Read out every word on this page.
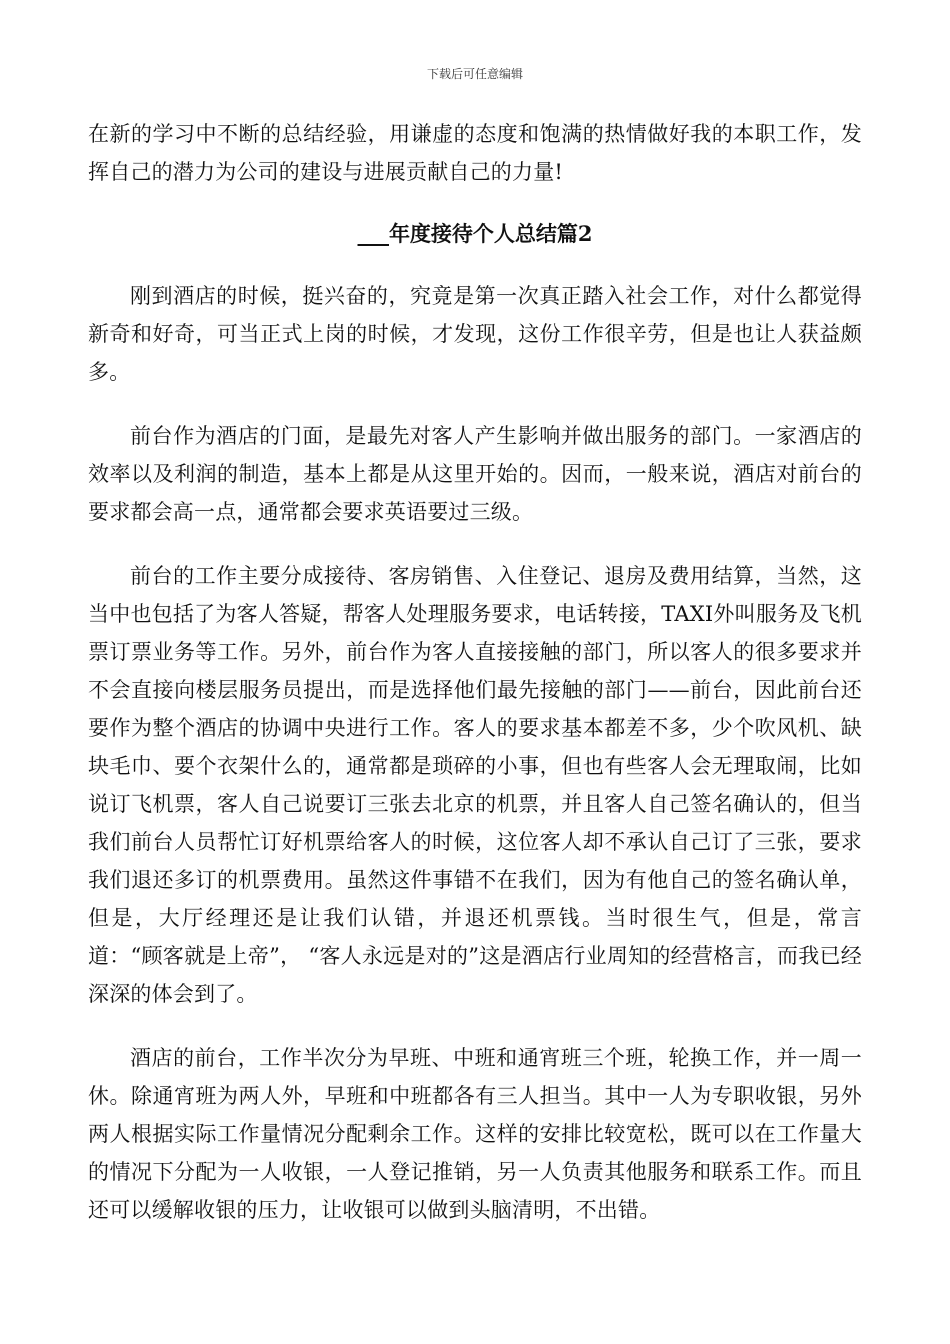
下载后可任意编辑

在新的学习中不断的总结经验，用谦虚的态度和饱满的热情做好我的本职工作，发挥自己的潜力为公司的建设与进展贡献自己的力量!

___年度接待个人总结篇2

刚到酒店的时候，挺兴奋的，究竟是第一次真正踏入社会工作，对什么都觉得新奇和好奇，可当正式上岗的时候，才发现，这份工作很辛劳，但是也让人获益颇多。

前台作为酒店的门面，是最先对客人产生影响并做出服务的部门。一家酒店的效率以及利润的制造，基本上都是从这里开始的。因而，一般来说，酒店对前台的要求都会高一点，通常都会要求英语要过三级。

前台的工作主要分成接待、客房销售、入住登记、退房及费用结算，当然，这当中也包括了为客人答疑，帮客人处理服务要求，电话转接，TAXI外叫服务及飞机票订票业务等工作。另外，前台作为客人直接接触的部门，所以客人的很多要求并不会直接向楼层服务员提出，而是选择他们最先接触的部门——前台，因此前台还要作为整个酒店的协调中央进行工作。客人的要求基本都差不多，少个吹风机、缺块毛巾、要个衣架什么的，通常都是琐碎的小事，但也有些客人会无理取闹，比如说订飞机票，客人自己说要订三张去北京的机票，并且客人自己签名确认的，但当我们前台人员帮忙订好机票给客人的时候，这位客人却不承认自己订了三张，要求我们退还多订的机票费用。虽然这件事错不在我们，因为有他自己的签名确认单，但是，大厅经理还是让我们认错，并退还机票钱。当时很生气，但是，常言道：“顾客就是上帝”， “客人永远是对的”这是酒店行业周知的经营格言，而我已经深深的体会到了。

酒店的前台，工作半次分为早班、中班和通宵班三个班，轮换工作，并一周一休。除通宵班为两人外，早班和中班都各有三人担当。其中一人为专职收银，另外两人根据实际工作量情况分配剩余工作。这样的安排比较宽松，既可以在工作量大的情况下分配为一人收银，一人登记推销，另一人负责其他服务和联系工作。而且还可以缓解收银的压力，让收银可以做到头脑清明，不出错。
